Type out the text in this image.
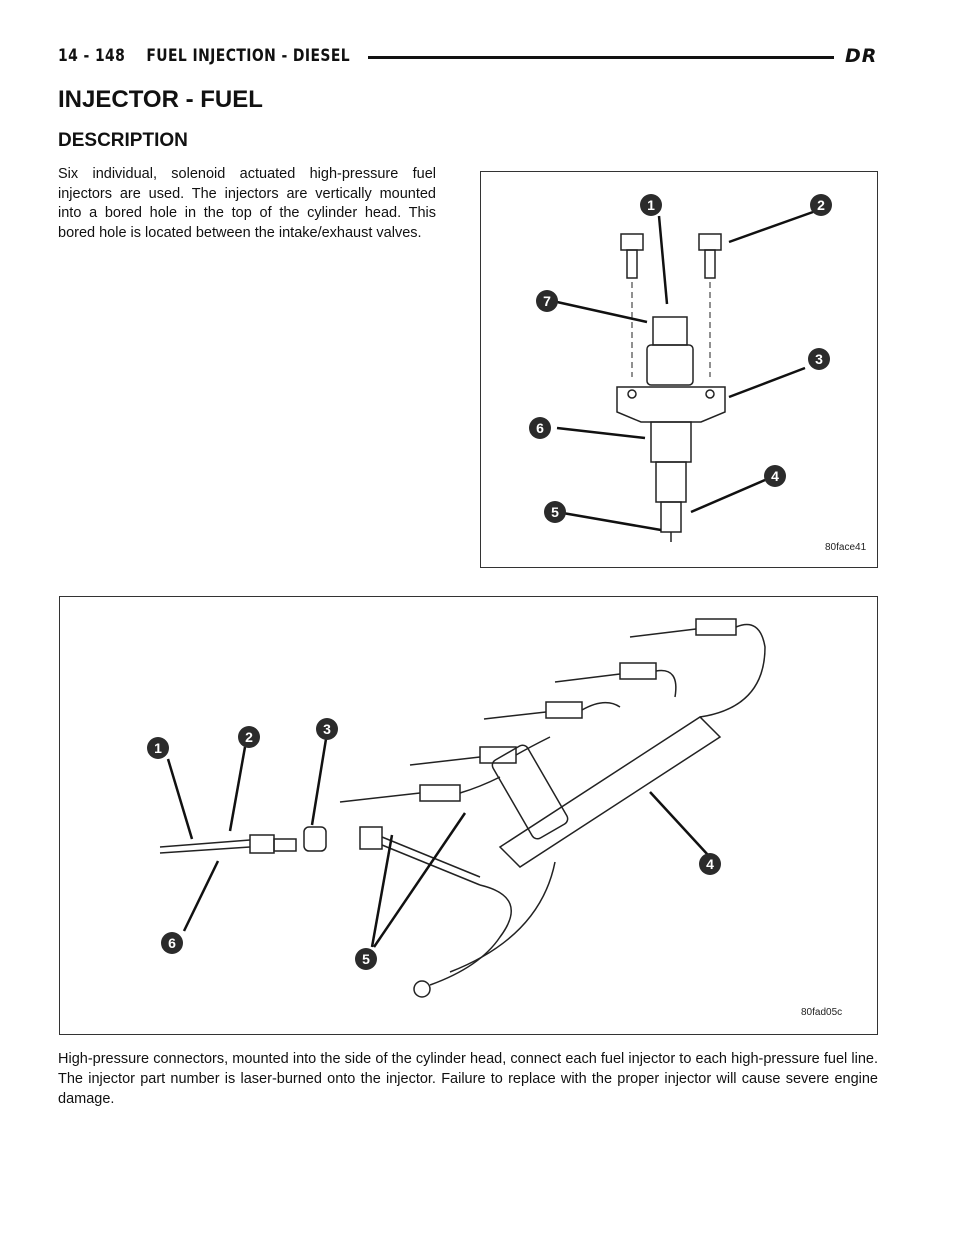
14 - 148 FUEL INJECTION - DIESEL	DR
INJECTOR - FUEL
DESCRIPTION

Six individual, solenoid actuated high-pressure fuel injectors are used. The injectors are vertically mounted into a bored hole in the top of the cylinder head. This bored hole is located between the intake/exhaust valves.

1	2
3
4
5
6
7
80face41
1
2	3
4
5
6
80fad05c

High-pressure connectors, mounted into the side of the cylinder head, connect each fuel injector to each high-pressure fuel line. The injector part number is laser-burned onto the injector. Failure to replace with the proper injector will cause severe engine damage.
